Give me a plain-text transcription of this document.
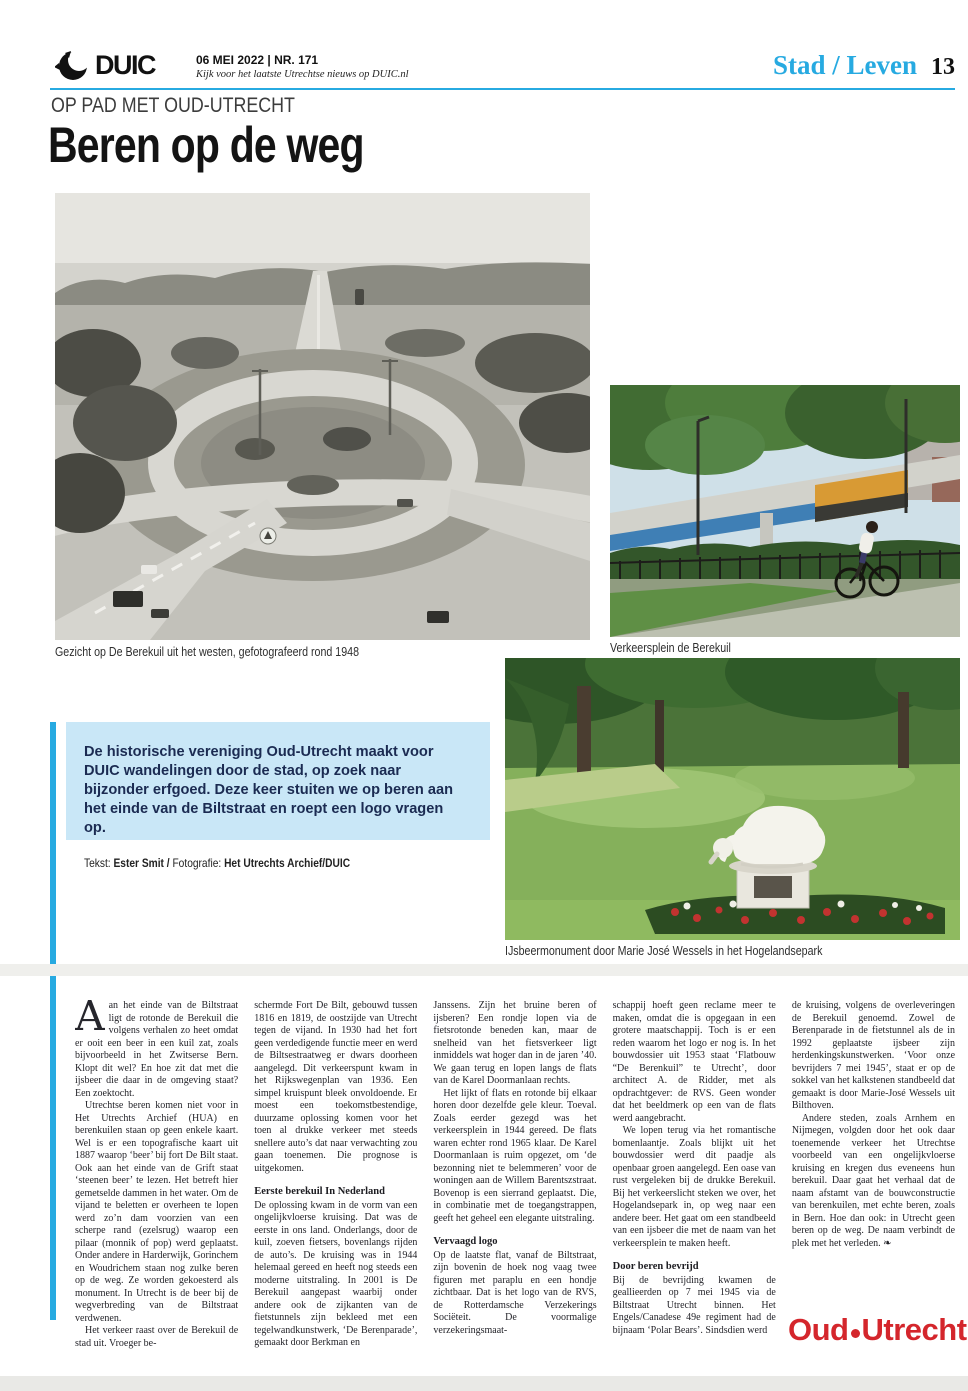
DUIC	06 MEI 2022 | NR. 171
Kijk voor het laatste Utrechtse nieuws op DUIC.nl	Stad / Leven 13
OP PAD MET OUD-UTRECHT
Beren op de weg
Gezicht op De Berekuil uit het westen, gefotografeerd rond 1948	Verkeersplein de Berekuil
IJsbeermonument door Marie José Wessels in het Hogelandsepark

De historische vereniging Oud-Utrecht maakt voor DUIC wandelingen door de stad, op zoek naar bijzonder erfgoed. Deze keer stuiten we op beren aan het einde van de Biltstraat en roept een logo vragen op.

Tekst: Ester Smit / Fotografie: Het Utrechts Archief/DUIC

Aan het einde van de Biltstraat ligt de rotonde de Berekuil die volgens verhalen zo heet omdat er ooit een beer in een kuil zat, zoals bijvoorbeeld in het Zwitserse Bern. Klopt dit wel? En hoe zit dat met die ijsbeer die daar in de omgeving staat? Een zoektocht.

Utrechtse beren komen niet voor in Het Utrechts Archief (HUA) en berenkuilen staan op geen enkele kaart. Wel is er een topografische kaart uit 1887 waarop ‘beer’ bij fort De Bilt staat. Ook aan het einde van de Grift staat ‘steenen beer’ te lezen. Het betreft hier gemetselde dammen in het water. Om de vijand te beletten er overheen te lopen werd zo’n dam voorzien van een scherpe rand (ezelsrug) waarop een pilaar (monnik of pop) werd geplaatst. Onder andere in Harderwijk, Gorinchem en Woudrichem staan nog zulke beren op de weg. Ze worden gekoesterd als monument. In Utrecht is de beer bij de wegverbreding van de Biltstraat verdwenen.

Het verkeer raast over de Berekuil de stad uit. Vroeger be-

schermde Fort De Bilt, gebouwd tussen 1816 en 1819, de oostzijde van Utrecht tegen de vijand. In 1930 had het fort geen verdedigende functie meer en werd de Biltsestraatweg er dwars doorheen aangelegd. Dit verkeerspunt kwam in het Rijkswegenplan van 1936. Een simpel kruispunt bleek onvoldoende. Er moest een toekomstbestendige, duurzame oplossing komen voor het toen al drukke verkeer met steeds snellere auto’s dat naar verwachting zou gaan toenemen. Die prognose is uitgekomen.

Eerste berekuil In Nederland

De oplossing kwam in de vorm van een ongelijkvloerse kruising. Dat was de eerste in ons land. Onderlangs, door de kuil, zoeven fietsers, bovenlangs rijden de auto’s. De kruising was in 1944 helemaal gereed en heeft nog steeds een moderne uitstraling. In 2001 is De Berekuil aangepast waarbij onder andere ook de zijkanten van de fietstunnels zijn bekleed met een tegelwandkunstwerk, ‘De Berenparade’, gemaakt door Berkman en

Janssens. Zijn het bruine beren of ijsberen? Een rondje lopen via de fietsrotonde beneden kan, maar de snelheid van het fietsverkeer ligt inmiddels wat hoger dan in de jaren ’40. We gaan terug en lopen langs de flats van de Karel Doormanlaan rechts.

Het lijkt of flats en rotonde bij elkaar horen door dezelfde gele kleur. Toeval. Zoals eerder gezegd was het verkeersplein in 1944 gereed. De flats waren echter rond 1965 klaar. De Karel Doormanlaan is ruim opgezet, om ‘de bezonning niet te belemmeren’ voor de woningen aan de Willem Barentszstraat. Bovenop is een sierrand geplaatst. Die, in combinatie met de toegangstrappen, geeft het geheel een elegante uitstraling.

Vervaagd logo

Op de laatste flat, vanaf de Biltstraat, zijn bovenin de hoek nog vaag twee figuren met paraplu en een hondje zichtbaar. Dat is het logo van de RVS, de Rotterdamsche Verzekerings Sociëteit. De voormalige verzekeringsmaat-

schappij hoeft geen reclame meer te maken, omdat die is opgegaan in een grotere maatschappij. Toch is er een reden waarom het logo er nog is. In het bouwdossier uit 1953 staat ‘Flatbouw “De Berenkuil” te Utrecht’, door architect A. de Ridder, met als opdrachtgever: de RVS. Geen wonder dat het beeldmerk op een van de flats werd aangebracht.

We lopen terug via het romantische bomenlaantje. Zoals blijkt uit het bouwdossier werd dit paadje als openbaar groen aangelegd. Een oase van rust vergeleken bij de drukke Berekuil. Bij het verkeerslicht steken we over, het Hogelandsepark in, op weg naar een andere beer. Het gaat om een standbeeld van een ijsbeer die met de naam van het verkeersplein te maken heeft.

Door beren bevrijd

Bij de bevrijding kwamen de geallieerden op 7 mei 1945 via de Biltstraat Utrecht binnen. Het Engels/Canadese 49e regiment had de bijnaam ‘Polar Bears’. Sindsdien werd

de kruising, volgens de overleveringen de Berekuil genoemd. Zowel de Berenparade in de fietstunnel als de in 1992 geplaatste ijsbeer zijn herdenkingskunstwerken. ‘Voor onze bevrijders 7 mei 1945’, staat er op de sokkel van het kalkstenen standbeeld dat gemaakt is door Marie-José Wessels uit Bilthoven.

Andere steden, zoals Arnhem en Nijmegen, volgden door het ook daar toenemende verkeer het Utrechtse voorbeeld van een ongelijkvloerse kruising en kregen dus eveneens hun berekuil. Daar gaat het verhaal dat de naam afstamt van de bouwconstructie van berenkuilen, met echte beren, zoals in Bern. Hoe dan ook: in Utrecht geen beren op de weg. De naam verbindt de plek met het verleden. ❧

Oud Utrecht
